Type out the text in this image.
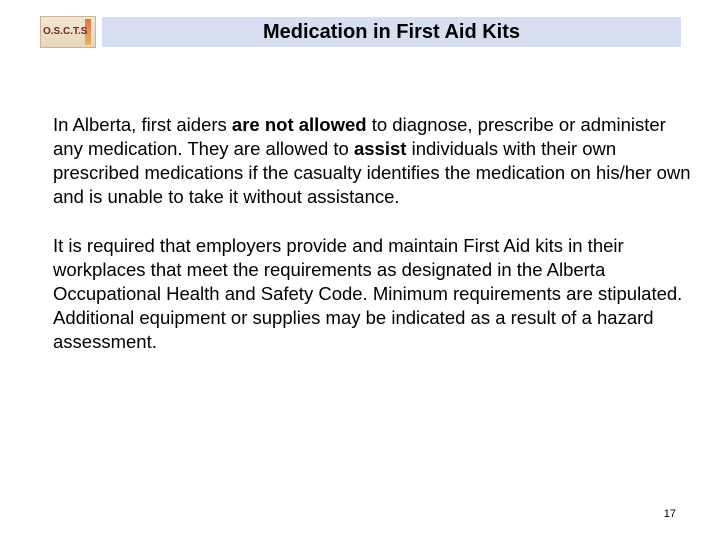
O.S.C.T.S	Medication in First Aid Kits

In Alberta, first aiders are not allowed to diagnose, prescribe or administer any medication. They are allowed to assist individuals with their own prescribed medications if the casualty identifies the medication on his/her own and is unable to take it without assistance.

It is required that employers provide and maintain First Aid kits in their workplaces that meet the requirements as designated in the Alberta Occupational Health and Safety Code. Minimum requirements are stipulated. Additional equipment or supplies may be indicated as a result of a hazard assessment.

17
